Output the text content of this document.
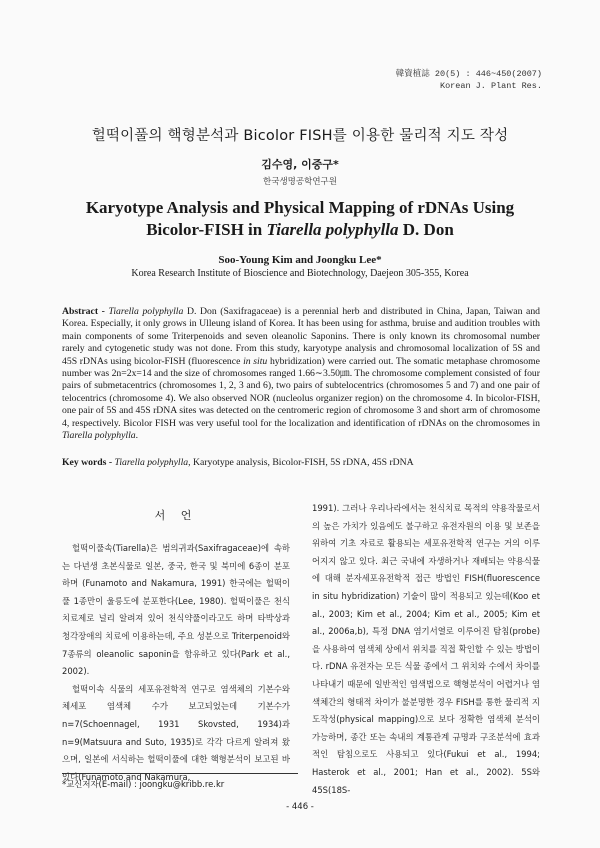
韓資植誌 20(5) : 446~450(2007)
Korean J. Plant Res.
헐떡이풀의 핵형분석과 Bicolor FISH를 이용한 물리적 지도 작성
김수영, 이중구*
한국생명공학연구원
Karyotype Analysis and Physical Mapping of rDNAs Using
Bicolor-FISH in Tiarella polyphylla D. Don
Soo-Young Kim and Joongku Lee*
Korea Research Institute of Bioscience and Biotechnology, Daejeon 305-355, Korea
Abstract - Tiarella polyphylla D. Don (Saxifragaceae) is a perennial herb and distributed in China, Japan, Taiwan and Korea. Especially, it only grows in Ulleung island of Korea. It has been using for asthma, bruise and audition troubles with main components of some Triterpenoids and seven oleanolic Saponins. There is only known its chromosomal number rarely and cytogenetic study was not done. From this study, karyotype analysis and chromosomal localization of 5S and 45S rDNAs using bicolor-FISH (fluorescence in situ hybridization) were carried out. The somatic metaphase chromosome number was 2n=2x=14 and the size of chromosomes ranged 1.66∼3.50㎛. The chromosome complement consisted of four pairs of submetacentrics (chromosomes 1, 2, 3 and 6), two pairs of subtelocentrics (chromosomes 5 and 7) and one pair of telocentrics (chromosome 4). We also observed NOR (nucleolus organizer region) on the chromosome 4. In bicolor-FISH, one pair of 5S and 45S rDNA sites was detected on the centromeric region of chromosome 3 and short arm of chromosome 4, respectively. Bicolor FISH was very useful tool for the localization and identification of rDNAs on the chromosomes in Tiarella polyphylla.
Key words - Tiarella polyphylla, Karyotype analysis, Bicolor-FISH, 5S rDNA, 45S rDNA
서 언

헐떡이풀속(Tiarella)은 범의귀과(Saxifragaceae)에 속하는 다년생 초본식물로 일본, 중국, 한국 및 북미에 6종이 분포하며 (Funamoto and Nakamura, 1991) 한국에는 헐떡이풀 1종만이 울릉도에 분포한다(Lee, 1980). 헐떡이풀은 천식 치료제로 널리 알려져 있어 천식약풀이라고도 하며 타박상과 청각장애의 치료에 이용하는데, 주요 성분으로 Triterpenoid와 7종류의 oleanolic saponin을 함유하고 있다(Park et al., 2002).

헐떡이속 식물의 세포유전학적 연구로 염색체의 기본수와 체세포 염색체 수가 보고되었는데 기본수가 n=7(Schoennagel, 1931 Skovsted, 1934)과 n=9(Matsuura and Suto, 1935)로 각각 다르게 알려져 왔으며, 일본에 서식하는 헐떡이풀에 대한 핵형분석이 보고된 바 있다(Funamoto and Nakamura,

1991). 그러나 우리나라에서는 천식치료 목적의 약용작물로서의 높은 가치가 있음에도 불구하고 유전자원의 이용 및 보존을 위하여 기초 자료로 활용되는 세포유전학적 연구는 거의 이루어지지 않고 있다. 최근 국내에 자생하거나 재배되는 약용식물에 대해 분자세포유전학적 접근 방법인 FISH(fluorescence in situ hybridization) 기술이 많이 적용되고 있는데(Koo et al., 2003; Kim et al., 2004; Kim et al., 2005; Kim et al., 2006a,b), 특정 DNA 염기서열로 이루어진 탐침(probe)을 사용하여 염색체 상에서 위치를 직접 확인할 수 있는 방법이다. rDNA 유전자는 모든 식물 종에서 그 위치와 수에서 차이를 나타내기 때문에 일반적인 염색법으로 핵형분석이 어렵거나 염색체간의 형태적 차이가 불분명한 경우 FISH를 통한 물리적 지도작성(physical mapping)으로 보다 정확한 염색체 분석이 가능하며, 종간 또는 속내의 계통관계 규명과 구조분석에 효과적인 탐침으로도 사용되고 있다(Fukui et al., 1994; Hasterok et al., 2001; Han et al., 2002). 5S와 45S(18S-

*교신저자(E-mail) : joongku@kribb.re.kr
- 446 -
